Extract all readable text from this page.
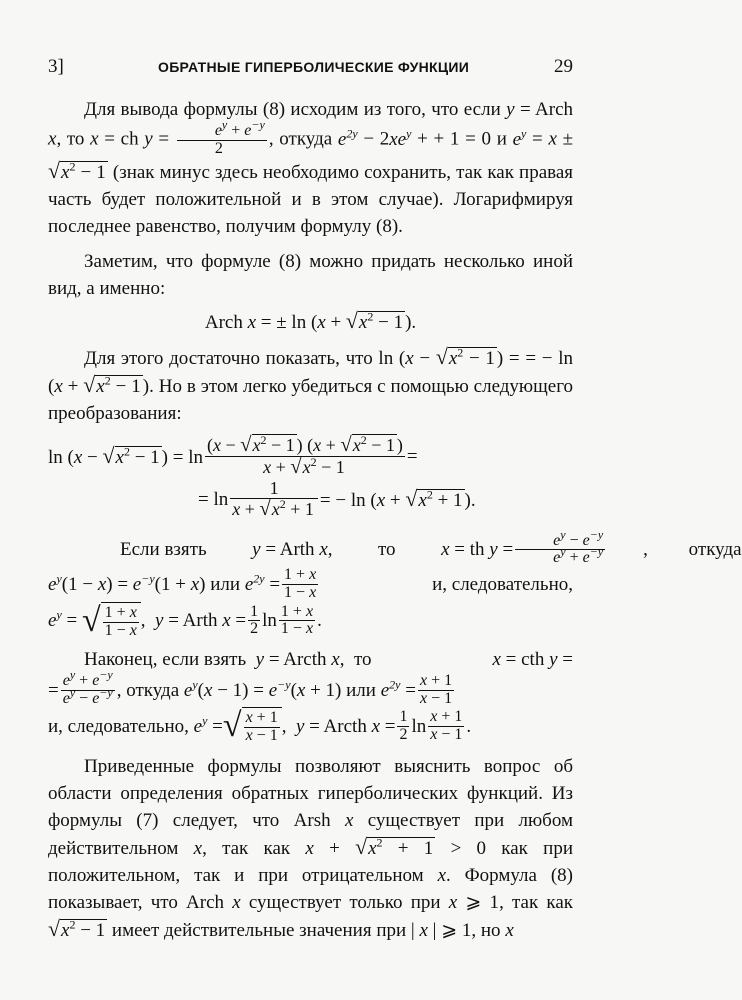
3]	ОБРАТНЫЕ ГИПЕРБОЛИЧЕСКИЕ ФУНКЦИИ	29

Для вывода формулы (8) исходим из того, что если y = Arch x, то x = ch $y = \frac{e^y + e^{-y}}{2}$ , откуда $e^{2y} - 2xe^y$ + + 1 = 0 и $e^y = x \pm √x^2 - 1$ (знак минус здесь необходимо сохранить, так как правая часть будет положительной и в этом случае). Логарифмируя последнее равенство, получим формулу (8).

Заметим, что формуле (8) можно придать несколько иной вид, а именно:

Arch x = ± $\ln (x + √x^2 - 1$ ).

Для этого достаточно показать, что $\ln (x - √x^2 - 1$ ) = = − $\ln (x + √x^2 - 1$ ). Но в этом легко убедиться с помощью следующего преобразования:

$\ln (x - √x^2 - 1$ ) = $\ln \frac{(x - √x^2 - 1 ) (x + √x^2 - 1 )}{x + √x^2 - 1}$ =
= $\ln \frac{1}{x + √x^2 + 1}$ = − $\ln (x + √x^2 + 1$ ).
Если взять	y = Arth x,	то	x = th $y = \frac{e^y - e^{-y}}{e^y + e^{-y}}$	,	откуда
$e^y(1 - x) = e^{-y}(1 + x)$ или $e^{2y} = \frac{1 + x}{1 - x}$	и, следовательно,
$e^y$ = √ $\frac{1 + x}{1 - x}$ ,  y = Arth $x = \frac{1}{2}$ $\ln \frac{1 + x}{1 - x}$ .
Наконец, если взять y = Arcth x, то	x = cth y =
= $\frac{e^y + e^{-y}}{e^y - e^{-y}}$ , откуда $e^y(x - 1) = e^{-y}(x + 1)$ или $e^{2y} = \frac{x + 1}{x - 1}$
и, следовательно, $e^y$ = √ $\frac{x + 1}{x - 1}$ ,  y = Arcth $x = \frac{1}{2}$ $\ln \frac{x + 1}{x - 1}$ .

Приведенные формулы позволяют выяснить вопрос об области определения обратных гиперболических функций. Из формулы (7) следует, что Arsh x существует при любом действительном x, так как $x + √x^2 + 1 > 0$ как при положительном, так и при отрицательном x. Формула (8) показывает, что Arch x существует только при x ⩾ 1, так как $√x^2 - 1$ имеет действительные значения при | x | ⩾ 1, но x
